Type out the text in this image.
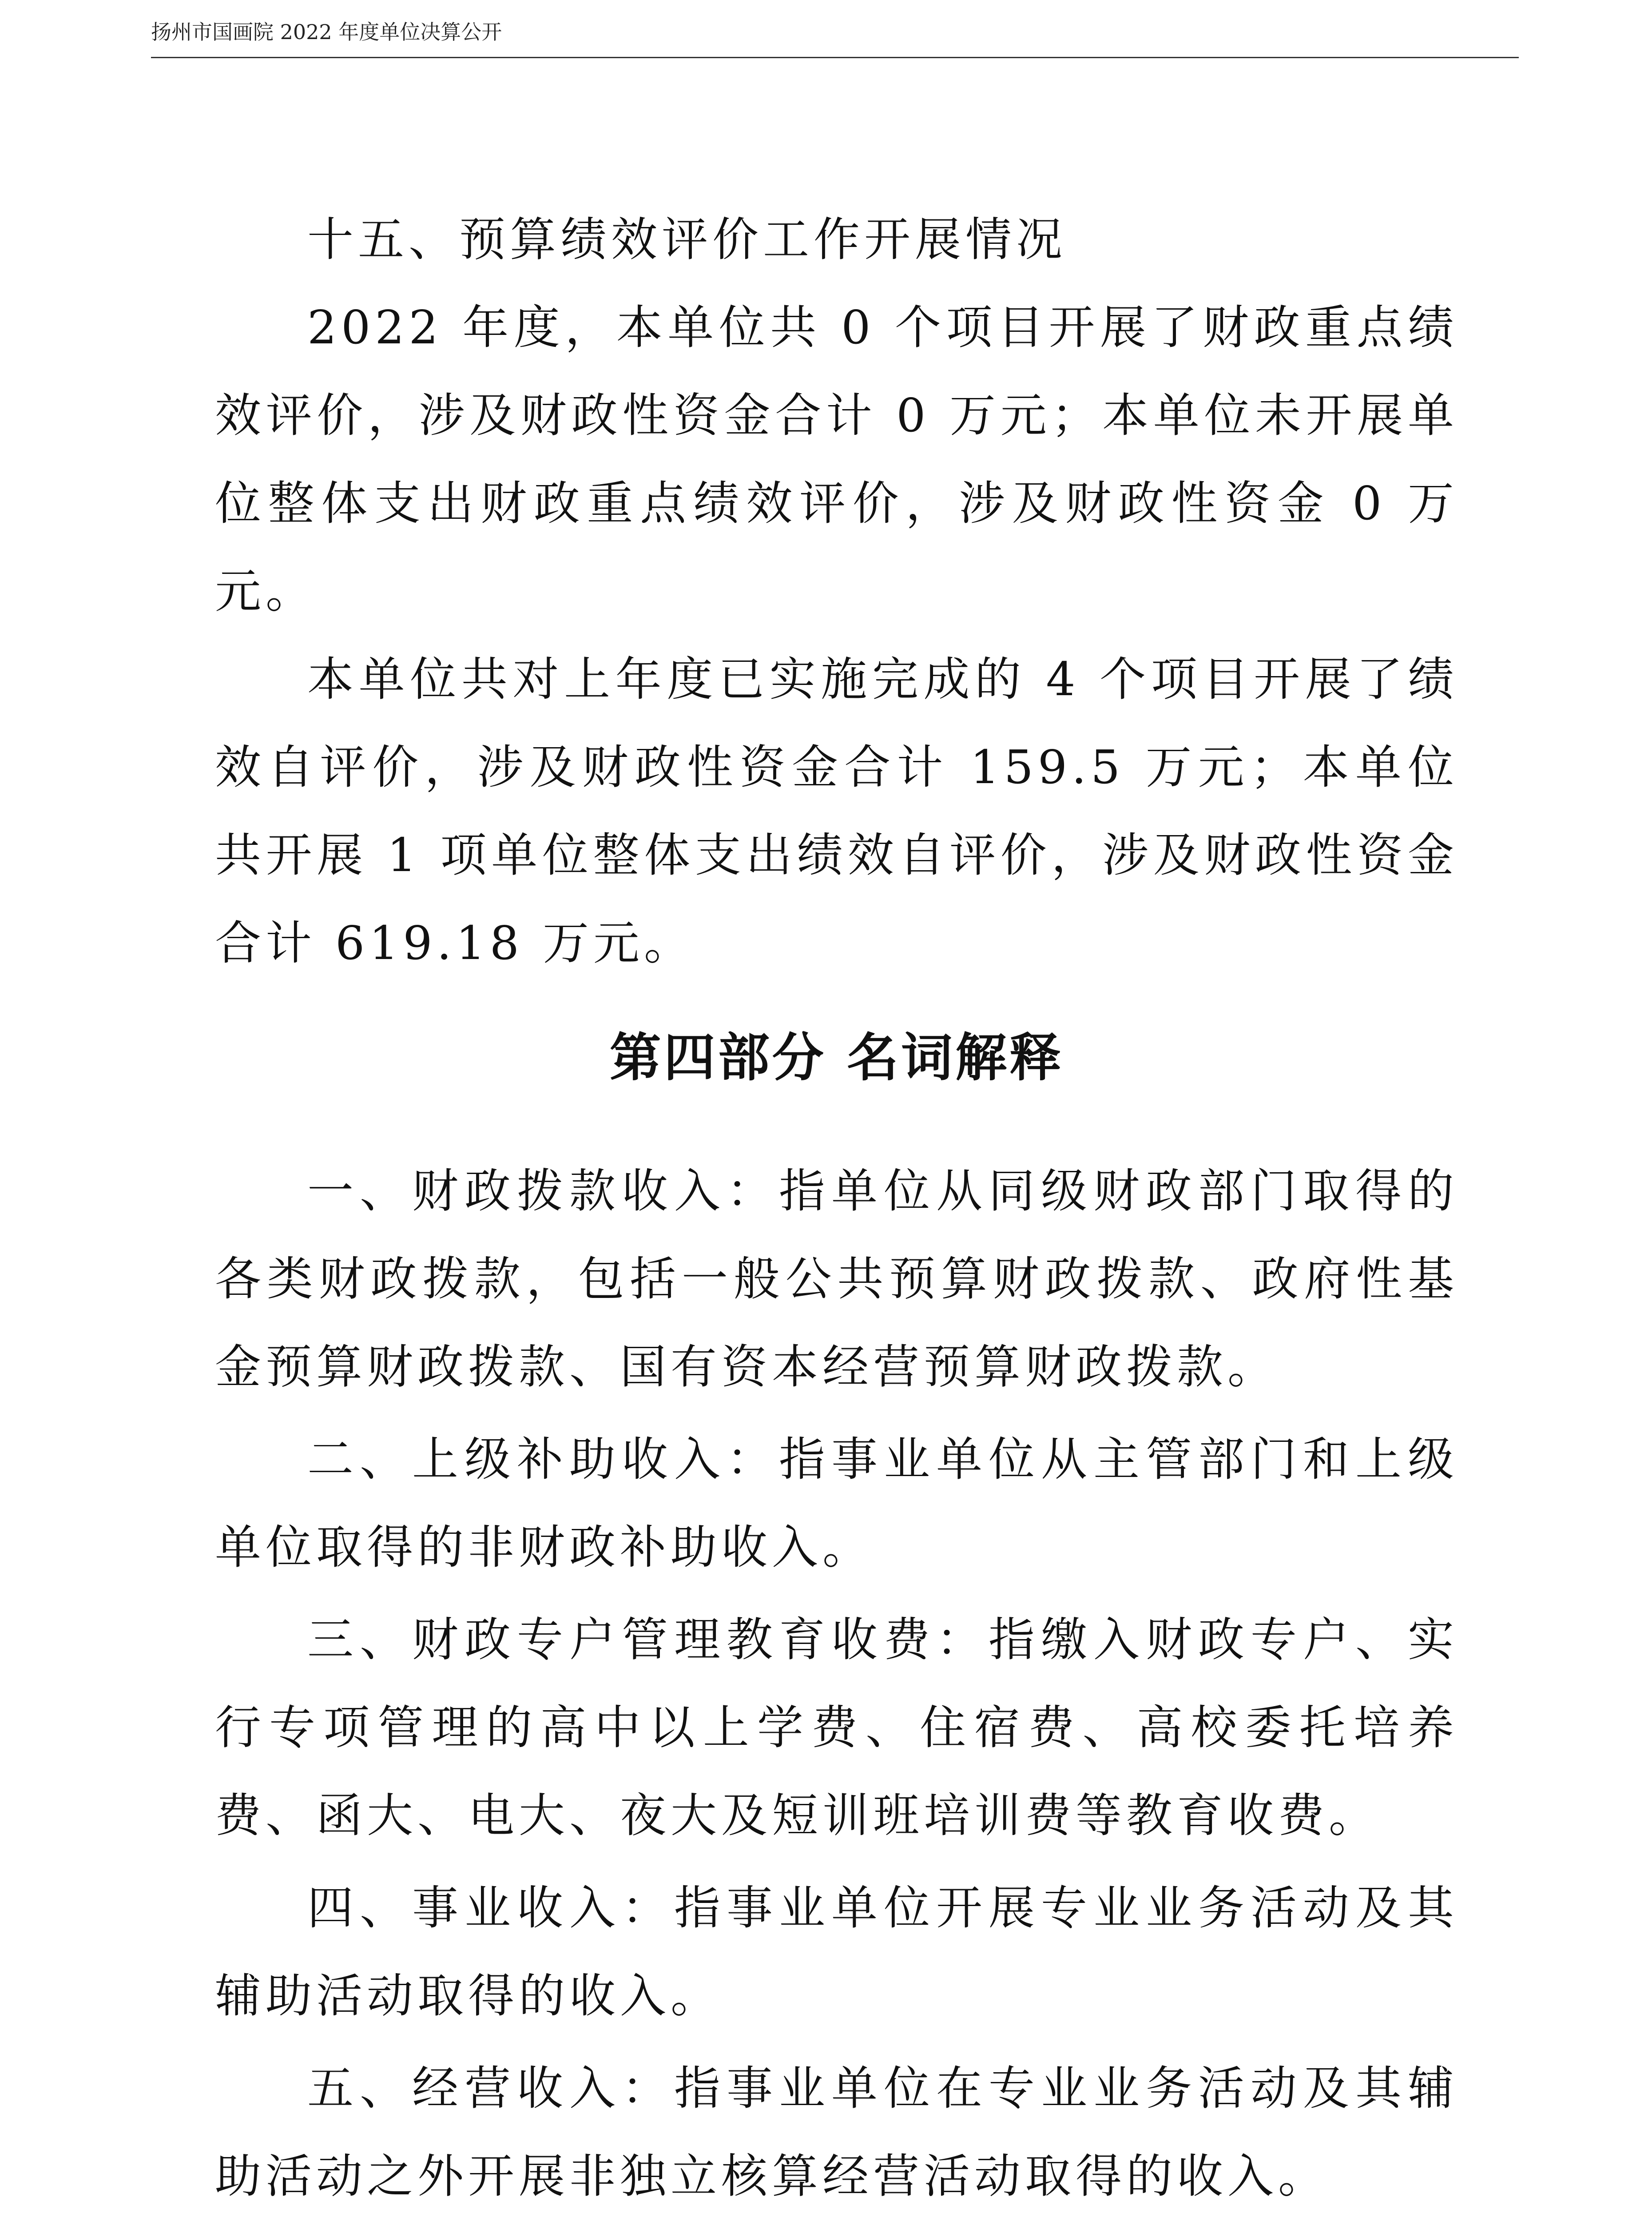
扬州市国画院 2022 年度单位决算公开

十五、预算绩效评价工作开展情况

2022 年度，本单位共 0 个项目开展了财政重点绩效评价，涉及财政性资金合计 0 万元；本单位未开展单位整体支出财政重点绩效评价，涉及财政性资金 0 万元。

本单位共对上年度已实施完成的 4 个项目开展了绩效自评价，涉及财政性资金合计 159.5 万元；本单位共开展 1 项单位整体支出绩效自评价，涉及财政性资金合计 619.18 万元。

第四部分 名词解释

一、财政拨款收入：指单位从同级财政部门取得的各类财政拨款，包括一般公共预算财政拨款、政府性基金预算财政拨款、国有资本经营预算财政拨款。

二、上级补助收入：指事业单位从主管部门和上级单位取得的非财政补助收入。

三、财政专户管理教育收费：指缴入财政专户、实行专项管理的高中以上学费、住宿费、高校委托培养费、函大、电大、夜大及短训班培训费等教育收费。

四、事业收入：指事业单位开展专业业务活动及其辅助活动取得的收入。

五、经营收入：指事业单位在专业业务活动及其辅助活动之外开展非独立核算经营活动取得的收入。
